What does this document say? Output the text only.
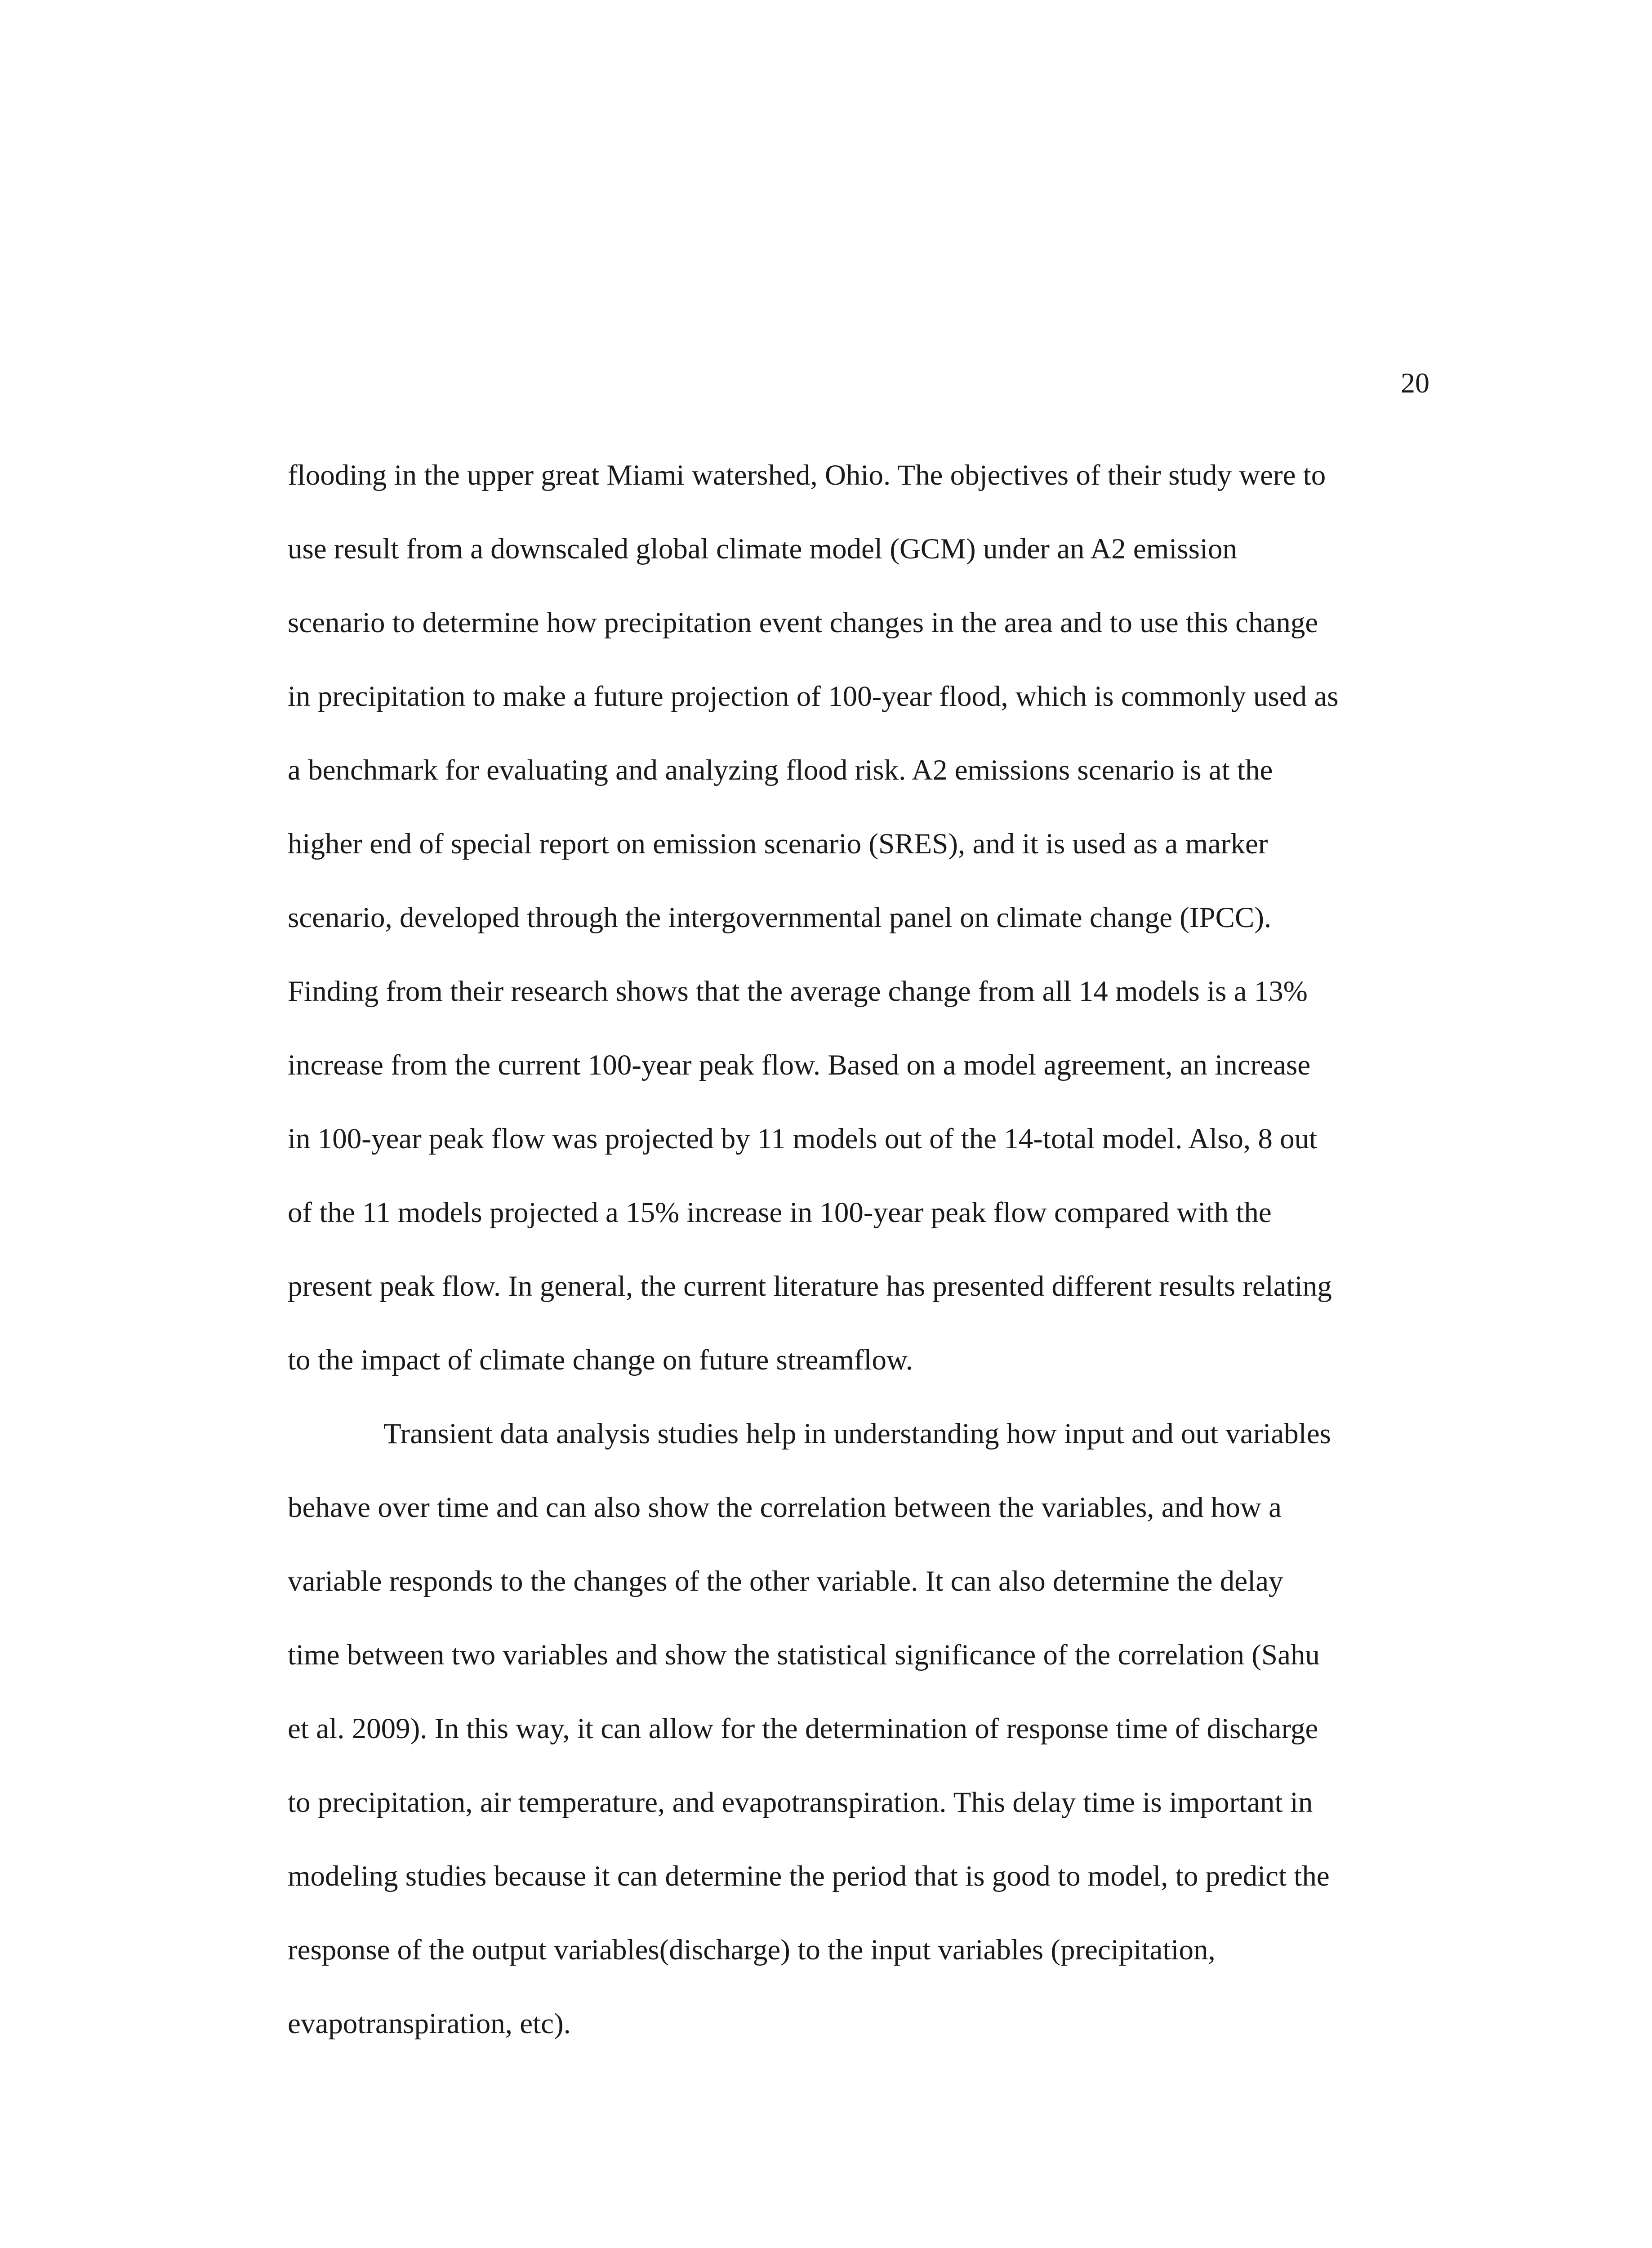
20
flooding in the upper great Miami watershed, Ohio. The objectives of their study were to
use result from a downscaled global climate model (GCM) under an A2 emission
scenario to determine how precipitation event changes in the area and to use this change
in precipitation to make a future projection of 100-year flood, which is commonly used as
a benchmark for evaluating and analyzing flood risk. A2 emissions scenario is at the
higher end of special report on emission scenario (SRES), and it is used as a marker
scenario, developed through the intergovernmental panel on climate change (IPCC).
Finding from their research shows that the average change from all 14 models is a 13%
increase from the current 100-year peak flow. Based on a model agreement, an increase
in 100-year peak flow was projected by 11 models out of the 14-total model. Also, 8 out
of the 11 models projected a 15% increase in 100-year peak flow compared with the
present peak flow. In general, the current literature has presented different results relating
to the impact of climate change on future streamflow.
Transient data analysis studies help in understanding how input and out variables
behave over time and can also show the correlation between the variables, and how a
variable responds to the changes of the other variable. It can also determine the delay
time between two variables and show the statistical significance of the correlation (Sahu
et al. 2009). In this way, it can allow for the determination of response time of discharge
to precipitation, air temperature, and evapotranspiration. This delay time is important in
modeling studies because it can determine the period that is good to model, to predict the
response of the output variables(discharge) to the input variables (precipitation,
evapotranspiration, etc).
